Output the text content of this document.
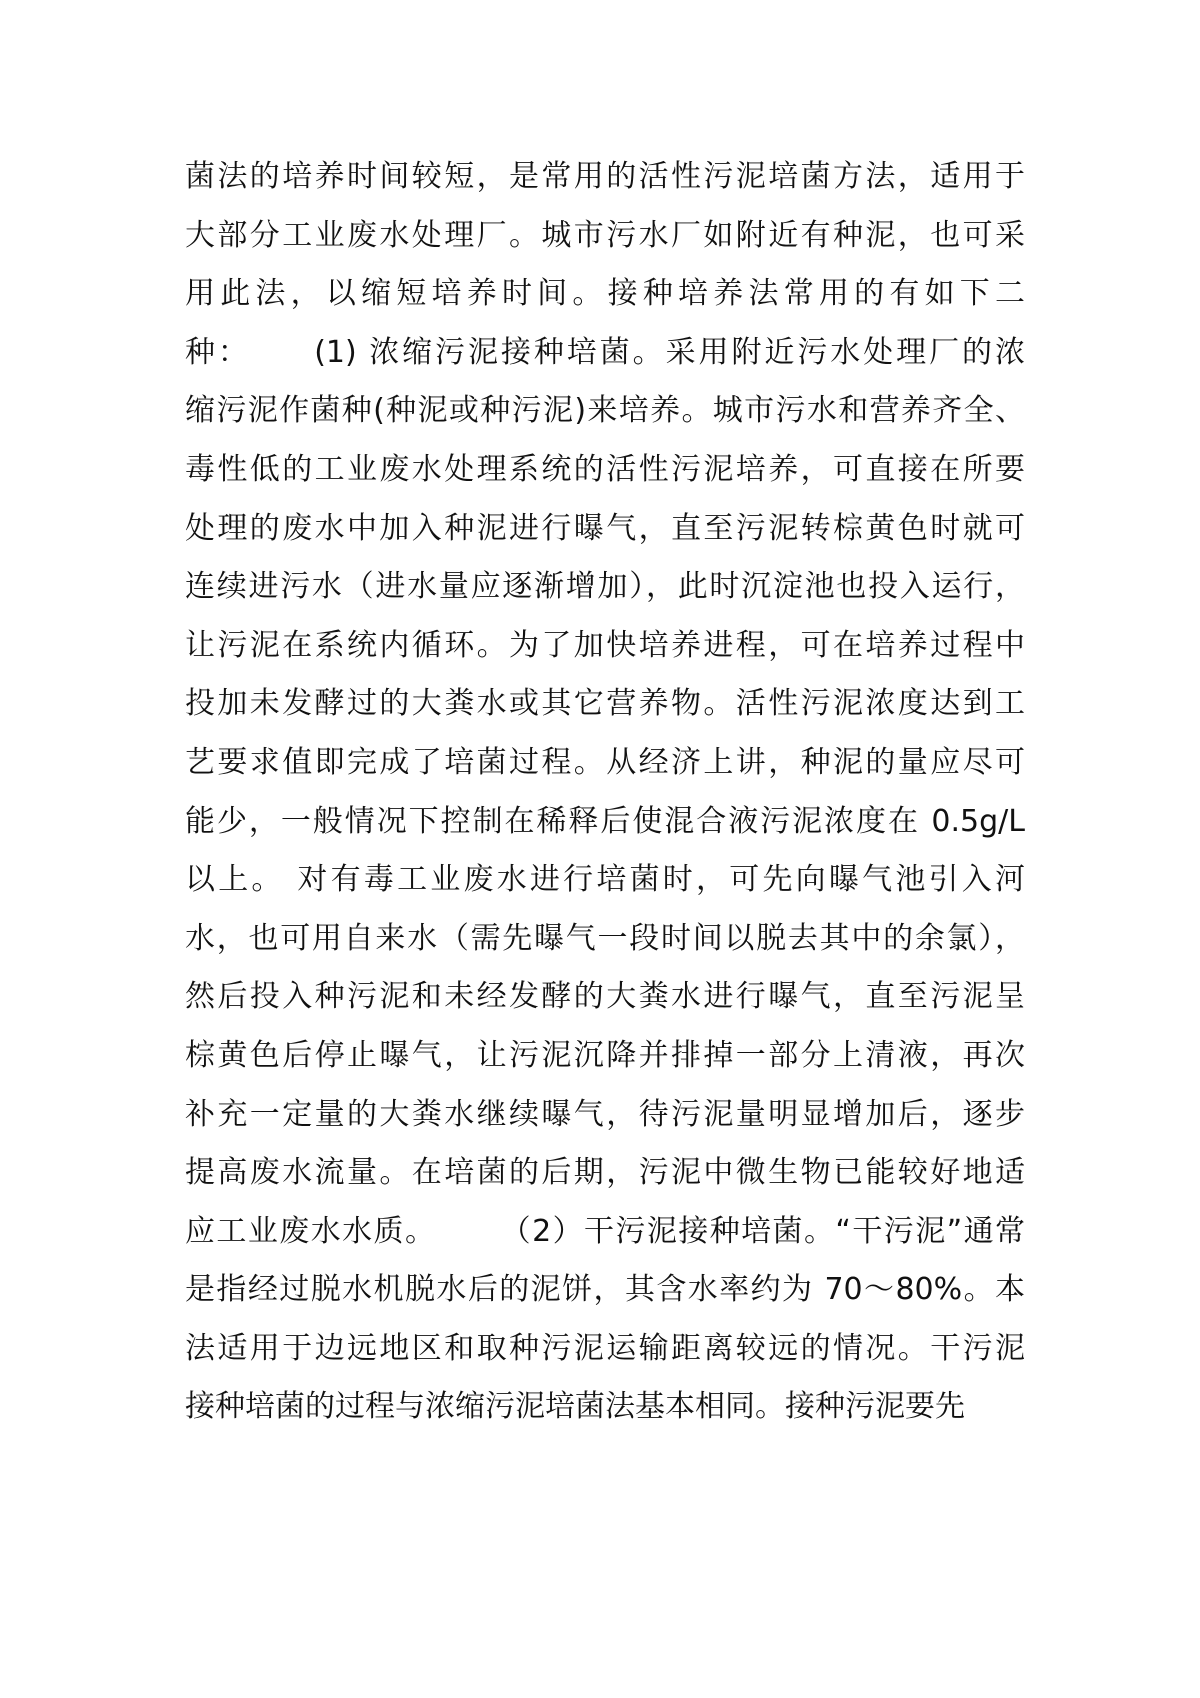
菌法的培养时间较短，是常用的活性污泥培菌方法，适用于
大部分工业废水处理厂。城市污水厂如附近有种泥，也可采
用此法，以缩短培养时间。接种培养法常用的有如下二
种：　　 (1) 浓缩污泥接种培菌。采用附近污水处理厂的浓
缩污泥作菌种(种泥或种污泥)来培养。城市污水和营养齐全、
毒性低的工业废水处理系统的活性污泥培养，可直接在所要
处理的废水中加入种泥进行曝气，直至污泥转棕黄色时就可
连续进污水（进水量应逐渐增加），此时沉淀池也投入运行，
让污泥在系统内循环。为了加快培养进程，可在培养过程中
投加未发酵过的大粪水或其它营养物。活性污泥浓度达到工
艺要求值即完成了培菌过程。从经济上讲，种泥的量应尽可
能少，一般情况下控制在稀释后使混合液污泥浓度在 0.5g/L
以上。 对有毒工业废水进行培菌时，可先向曝气池引入河
水，也可用自来水（需先曝气一段时间以脱去其中的余氯），
然后投入种污泥和未经发酵的大粪水进行曝气，直至污泥呈
棕黄色后停止曝气，让污泥沉降并排掉一部分上清液，再次
补充一定量的大粪水继续曝气，待污泥量明显增加后，逐步
提高废水流量。在培菌的后期，污泥中微生物已能较好地适
应工业废水水质。　　　（2）干污泥接种培菌。“干污泥”通常
是指经过脱水机脱水后的泥饼，其含水率约为 70～80%。本
法适用于边远地区和取种污泥运输距离较远的情况。干污泥
接种培菌的过程与浓缩污泥培菌法基本相同。接种污泥要先
